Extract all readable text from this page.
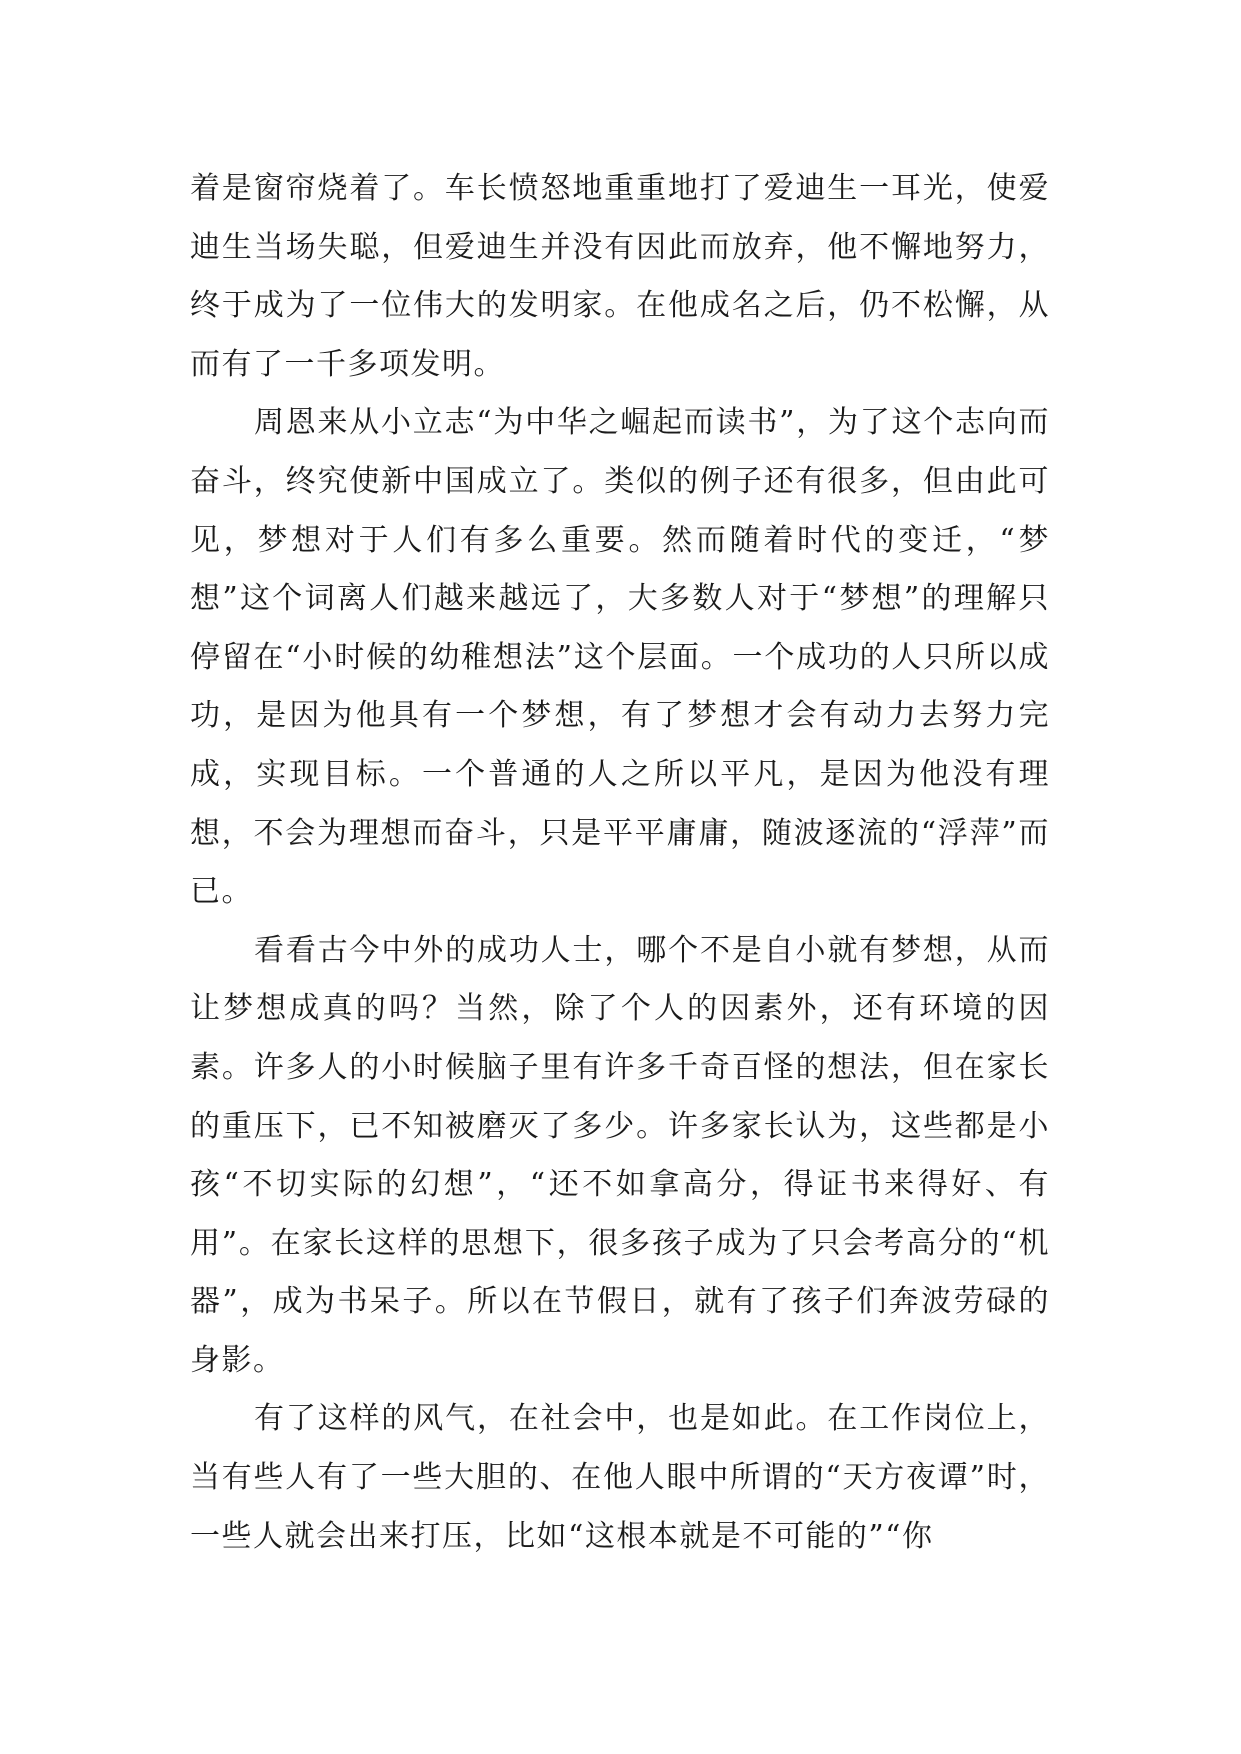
着是窗帘烧着了。车长愤怒地重重地打了爱迪生一耳光，使爱迪生当场失聪，但爱迪生并没有因此而放弃，他不懈地努力，终于成为了一位伟大的发明家。在他成名之后，仍不松懈，从而有了一千多项发明。

周恩来从小立志“为中华之崛起而读书”，为了这个志向而奋斗，终究使新中国成立了。类似的例子还有很多，但由此可见，梦想对于人们有多么重要。然而随着时代的变迁，“梦想”这个词离人们越来越远了，大多数人对于“梦想”的理解只停留在“小时候的幼稚想法”这个层面。一个成功的人只所以成功，是因为他具有一个梦想，有了梦想才会有动力去努力完成，实现目标。一个普通的人之所以平凡，是因为他没有理想，不会为理想而奋斗，只是平平庸庸，随波逐流的“浮萍”而已。

看看古今中外的成功人士，哪个不是自小就有梦想，从而让梦想成真的吗？当然，除了个人的因素外，还有环境的因素。许多人的小时候脑子里有许多千奇百怪的想法，但在家长的重压下，已不知被磨灭了多少。许多家长认为，这些都是小孩“不切实际的幻想”，“还不如拿高分，得证书来得好、有用”。在家长这样的思想下，很多孩子成为了只会考高分的“机器”，成为书呆子。所以在节假日，就有了孩子们奔波劳碌的身影。

有了这样的风气，在社会中，也是如此。在工作岗位上，当有些人有了一些大胆的、在他人眼中所谓的“天方夜谭”时，一些人就会出来打压，比如“这根本就是不可能的”“你
